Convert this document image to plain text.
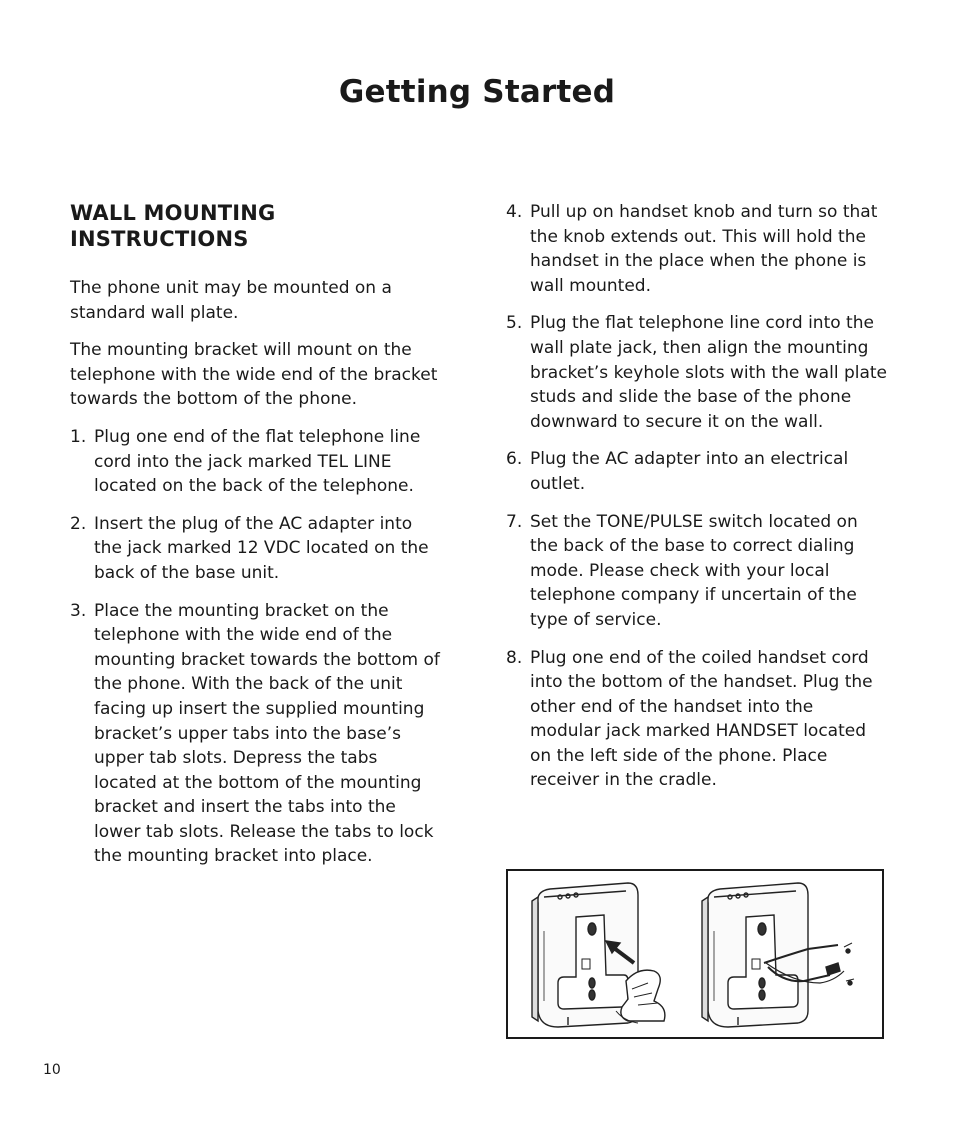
Getting Started
WALL MOUNTING INSTRUCTIONS

The phone unit may be mounted on a standard wall plate.

The mounting bracket will mount on the telephone with the wide end of the bracket towards the bottom of the phone.

1. Plug one end of the flat telephone line cord into the jack marked TEL LINE located on the back of the telephone.
2. Insert the plug of the AC adapter into the jack marked 12 VDC located on the back of the base unit.
3. Place the mounting bracket on the telephone with the wide end of the mounting bracket towards the bottom of the phone. With the back of the unit facing up insert the supplied mounting bracket’s upper tabs into the base’s upper tab slots. Depress the tabs located at the bottom of the mounting bracket and insert the tabs into the lower tab slots. Release the tabs to lock the mounting bracket into place.
4. Pull up on handset knob and turn so that the knob extends out. This will hold the handset in the place when the phone is wall mounted.
5. Plug the flat telephone line cord into the wall plate jack, then align the mounting bracket’s keyhole slots with the wall plate studs and slide the base of the phone downward to secure it on the wall.
6. Plug the AC adapter into an electrical outlet.
7. Set the TONE/PULSE switch located on the back of the base to correct dialing mode. Please check with your local telephone company if uncertain of the type of service.
8. Plug one end of the coiled handset cord into the bottom of the handset. Plug the other end of the handset into the modular jack marked HANDSET located on the left side of the phone. Place receiver in the cradle.
10
